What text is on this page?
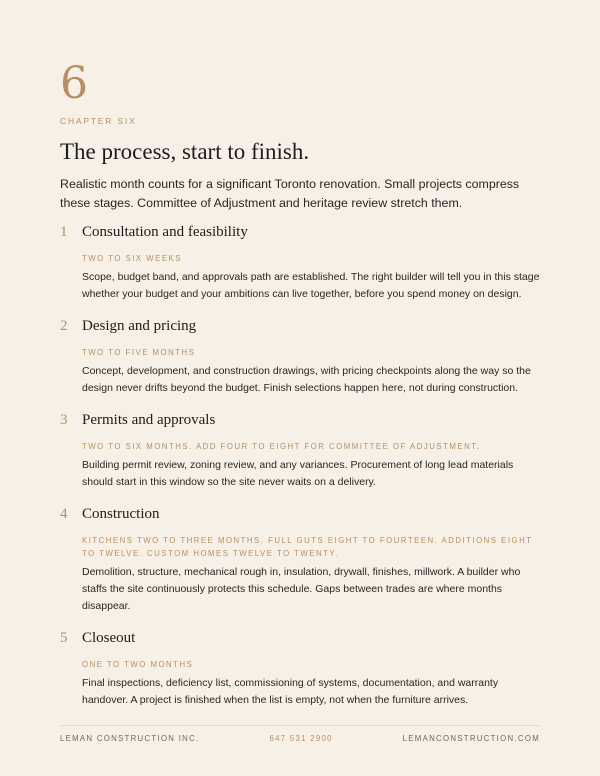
6
CHAPTER SIX
The process, start to finish.
Realistic month counts for a significant Toronto renovation. Small projects compress these stages. Committee of Adjustment and heritage review stretch them.
1 Consultation and feasibility
TWO TO SIX WEEKS
Scope, budget band, and approvals path are established. The right builder will tell you in this stage whether your budget and your ambitions can live together, before you spend money on design.
2 Design and pricing
TWO TO FIVE MONTHS
Concept, development, and construction drawings, with pricing checkpoints along the way so the design never drifts beyond the budget. Finish selections happen here, not during construction.
3 Permits and approvals
TWO TO SIX MONTHS. ADD FOUR TO EIGHT FOR COMMITTEE OF ADJUSTMENT.
Building permit review, zoning review, and any variances. Procurement of long lead materials should start in this window so the site never waits on a delivery.
4 Construction
KITCHENS TWO TO THREE MONTHS. FULL GUTS EIGHT TO FOURTEEN. ADDITIONS EIGHT TO TWELVE. CUSTOM HOMES TWELVE TO TWENTY.
Demolition, structure, mechanical rough in, insulation, drywall, finishes, millwork. A builder who staffs the site continuously protects this schedule. Gaps between trades are where months disappear.
5 Closeout
ONE TO TWO MONTHS
Final inspections, deficiency list, commissioning of systems, documentation, and warranty handover. A project is finished when the list is empty, not when the furniture arrives.
LEMAN CONSTRUCTION INC.	647 531 2900	LEMANCONSTRUCTION.COM
